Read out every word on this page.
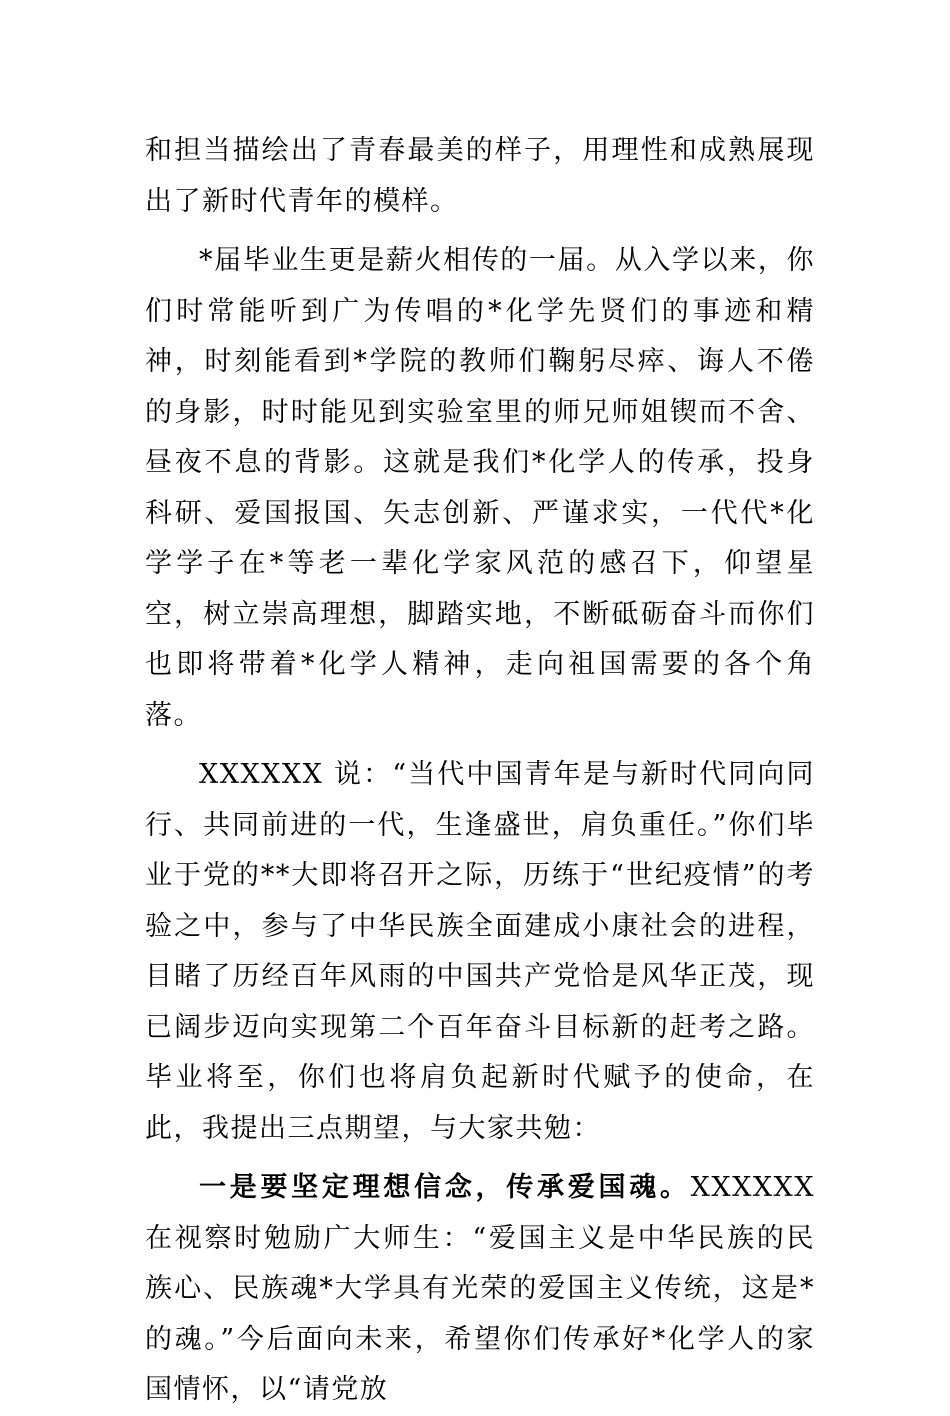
和担当描绘出了青春最美的样子，用理性和成熟展现出了新时代青年的模样。

*届毕业生更是薪火相传的一届。从入学以来，你们时常能听到广为传唱的*化学先贤们的事迹和精神，时刻能看到*学院的教师们鞠躬尽瘁、诲人不倦的身影，时时能见到实验室里的师兄师姐锲而不舍、昼夜不息的背影。这就是我们*化学人的传承，投身科研、爱国报国、矢志创新、严谨求实，一代代*化学学子在*等老一辈化学家风范的感召下，仰望星空，树立崇高理想，脚踏实地，不断砥砺奋斗而你们也即将带着*化学人精神，走向祖国需要的各个角落。

XXXXXX 说：“当代中国青年是与新时代同向同行、共同前进的一代，生逢盛世，肩负重任。”你们毕业于党的**大即将召开之际，历练于“世纪疫情”的考验之中，参与了中华民族全面建成小康社会的进程，目睹了历经百年风雨的中国共产党恰是风华正茂，现已阔步迈向实现第二个百年奋斗目标新的赶考之路。毕业将至，你们也将肩负起新时代赋予的使命，在此，我提出三点期望，与大家共勉：

一是要坚定理想信念，传承爱国魂。XXXXXX 在视察时勉励广大师生：“爱国主义是中华民族的民族心、民族魂*大学具有光荣的爱国主义传统，这是*的魂。”今后面向未来，希望你们传承好*化学人的家国情怀，以“请党放
